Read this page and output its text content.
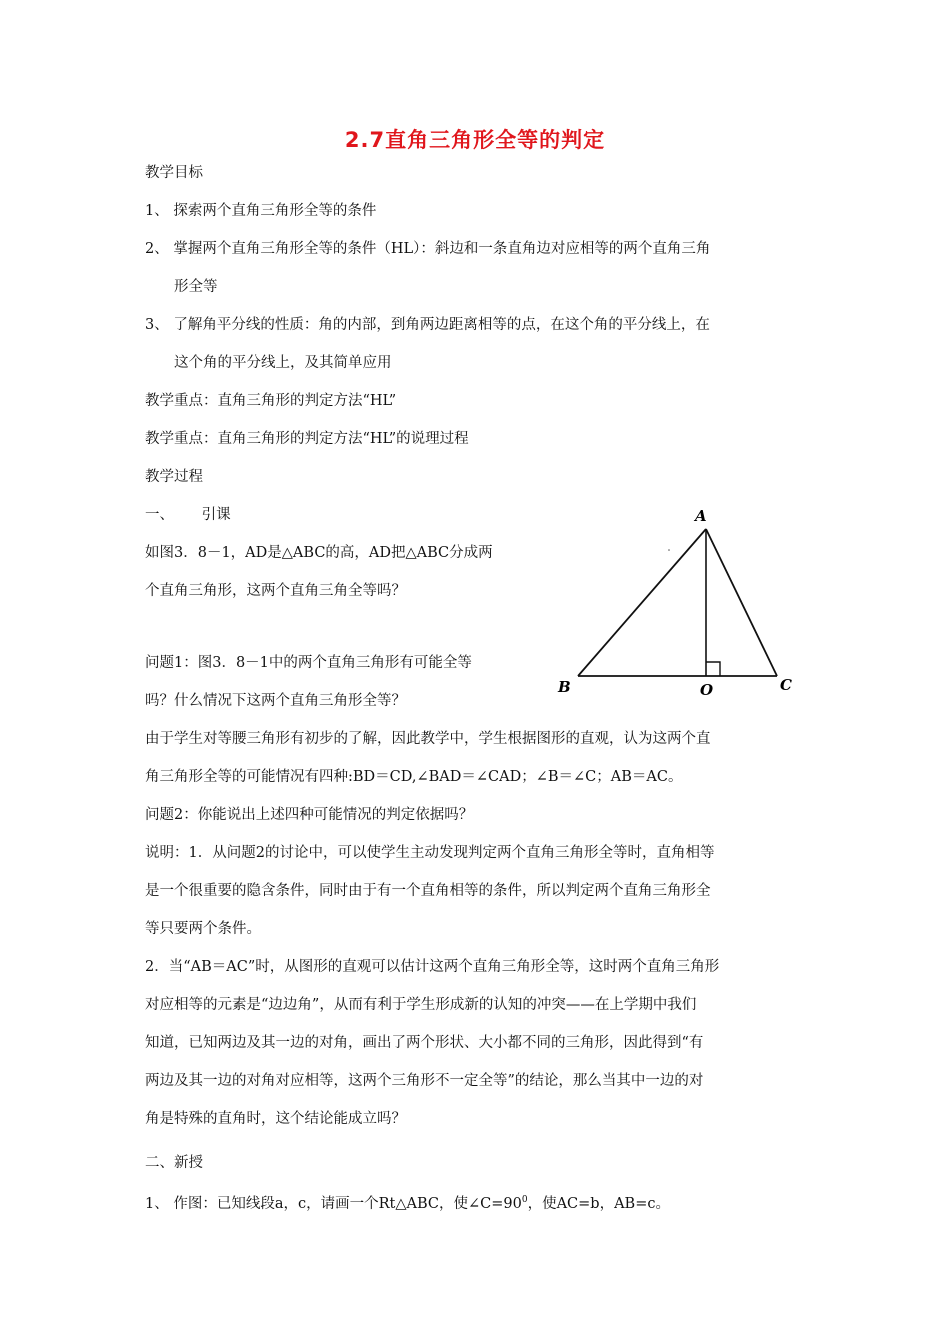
2.7直角三角形全等的判定
教学目标
1、 探索两个直角三角形全等的条件
2、 掌握两个直角三角形全等的条件（HL）：斜边和一条直角边对应相等的两个直角三角
形全等
3、 了解角平分线的性质：角的内部，到角两边距离相等的点，在这个角的平分线上，在
这个角的平分线上，及其简单应用
教学重点：直角三角形的判定方法“HL”
教学重点：直角三角形的判定方法“HL”的说理过程
教学过程
一、      引课
如图3．8－1，AD是△ABC的高，AD把△ABC分成两
个直角三角形，这两个直角三角全等吗？
问题1：图3．8－1中的两个直角三角形有可能全等
吗？什么情况下这两个直角三角形全等？
由于学生对等腰三角形有初步的了解，因此教学中，学生根据图形的直观，认为这两个直
角三角形全等的可能情况有四种:BD＝CD,∠BAD＝∠CAD；∠B＝∠C；AB＝AC。
问题2：你能说出上述四种可能情况的判定依据吗？
说明：1．从问题2的讨论中，可以使学生主动发现判定两个直角三角形全等时，直角相等
是一个很重要的隐含条件，同时由于有一个直角相等的条件，所以判定两个直角三角形全
等只要两个条件。
2．当“AB＝AC”时，从图形的直观可以估计这两个直角三角形全等，这时两个直角三角形
对应相等的元素是“边边角”，从而有利于学生形成新的认知的冲突——在上学期中我们
知道，已知两边及其一边的对角，画出了两个形状、大小都不同的三角形，因此得到“有
两边及其一边的对角对应相等，这两个三角形不一定全等”的结论，那么当其中一边的对
角是特殊的直角时，这个结论能成立吗？
二、新授
1、 作图：已知线段a，c，请画一个Rt△ABC，使$\angle C=90^0$，使AC=b，AB=c。
A
B	O	C
